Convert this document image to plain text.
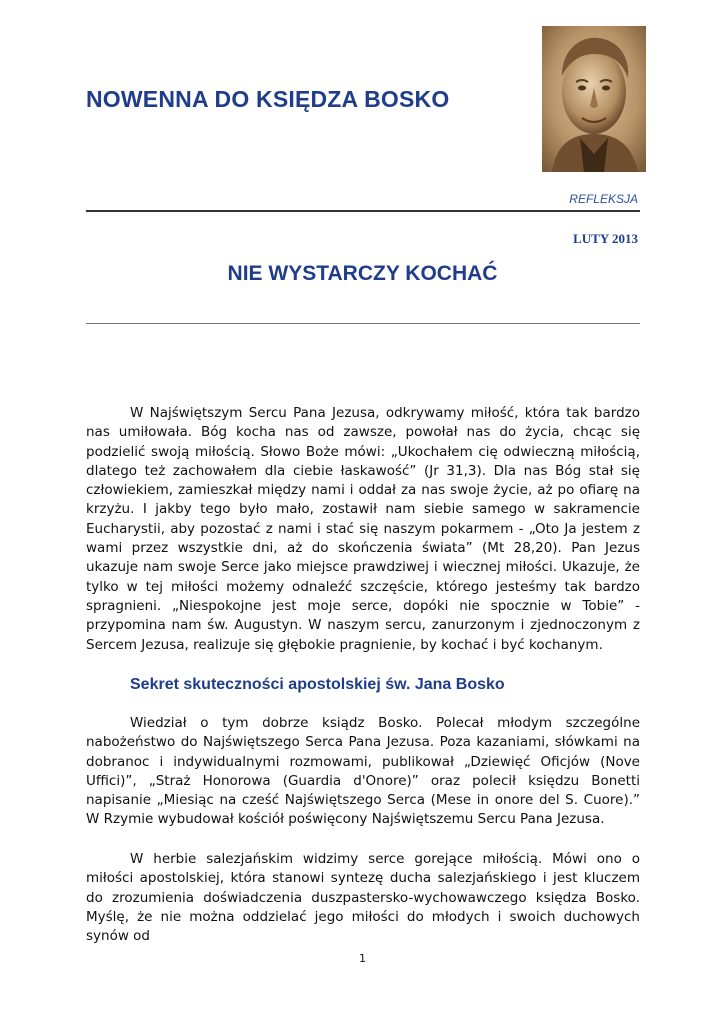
NOWENNA DO KSIĘDZA BOSKO
REFLEKSJA
LUTY 2013
NIE WYSTARCZY KOCHAĆ

W Najświętszym Sercu Pana Jezusa, odkrywamy miłość, która tak bardzo nas umiłowała. Bóg kocha nas od zawsze, powołał nas do życia, chcąc się podzielić swoją miłością. Słowo Boże mówi: „Ukochałem cię odwieczną miłością, dlatego też zachowałem dla ciebie łaskawość” (Jr 31,3). Dla nas Bóg stał się człowiekiem, zamieszkał między nami i oddał za nas swoje życie, aż po ofiarę na krzyżu. I jakby tego było mało, zostawił nam siebie samego w sakramencie Eucharystii, aby pozostać z nami i stać się naszym pokarmem - „Oto Ja jestem z wami przez wszystkie dni, aż do skończenia świata” (Mt 28,20). Pan Jezus ukazuje nam swoje Serce jako miejsce prawdziwej i wiecznej miłości. Ukazuje, że tylko w tej miłości możemy odnaleźć szczęście, którego jesteśmy tak bardzo spragnieni. „Niespokojne jest moje serce, dopóki nie spocznie w Tobie” - przypomina nam św. Augustyn. W naszym sercu, zanurzonym i zjednoczonym z Sercem Jezusa, realizuje się głębokie pragnienie, by kochać i być kochanym.

Sekret skuteczności apostolskiej św. Jana Bosko

Wiedział o tym dobrze ksiądz Bosko. Polecał młodym szczególne nabożeństwo do Najświętszego Serca Pana Jezusa. Poza kazaniami, słówkami na dobranoc i indywidualnymi rozmowami, publikował „Dziewięć Oficjów (Nove Uffici)”, „Straż Honorowa (Guardia d'Onore)” oraz polecił księdzu Bonetti napisanie „Miesiąc na cześć Najświętszego Serca (Mese in onore del S. Cuore).” W Rzymie wybudował kościół poświęcony Najświętszemu Sercu Pana Jezusa.

W herbie salezjańskim widzimy serce gorejące miłością. Mówi ono o miłości apostolskiej, która stanowi syntezę ducha salezjańskiego i jest kluczem do zrozumienia doświadczenia duszpastersko-wychowawczego księdza Bosko. Myślę, że nie można oddzielać jego miłości do młodych i swoich duchowych synów od

1
